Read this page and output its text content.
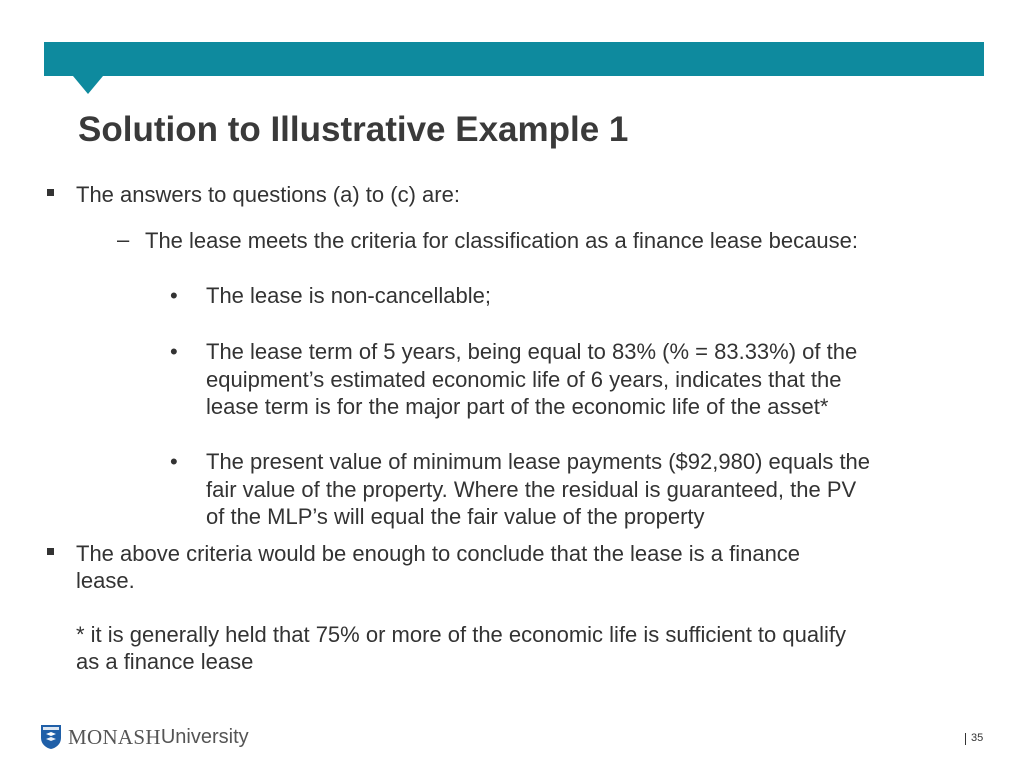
Solution to Illustrative Example 1
The answers to questions (a) to (c) are:
– The lease meets the criteria for classification as a finance lease because:
• The lease is non-cancellable;
• The lease term of 5 years, being equal to 83% (% = 83.33%) of the
equipment’s estimated economic life of 6 years, indicates that the
lease term is for the major part of the economic life of the asset*
• The present value of minimum lease payments ($92,980) equals the
fair value of the property. Where the residual is guaranteed, the PV
of the MLP’s will equal the fair value of the property
The above criteria would be enough to conclude that the lease is a finance
lease.
* it is generally held that 75% or more of the economic life is sufficient to qualify
as a finance lease
MONASH University	35
